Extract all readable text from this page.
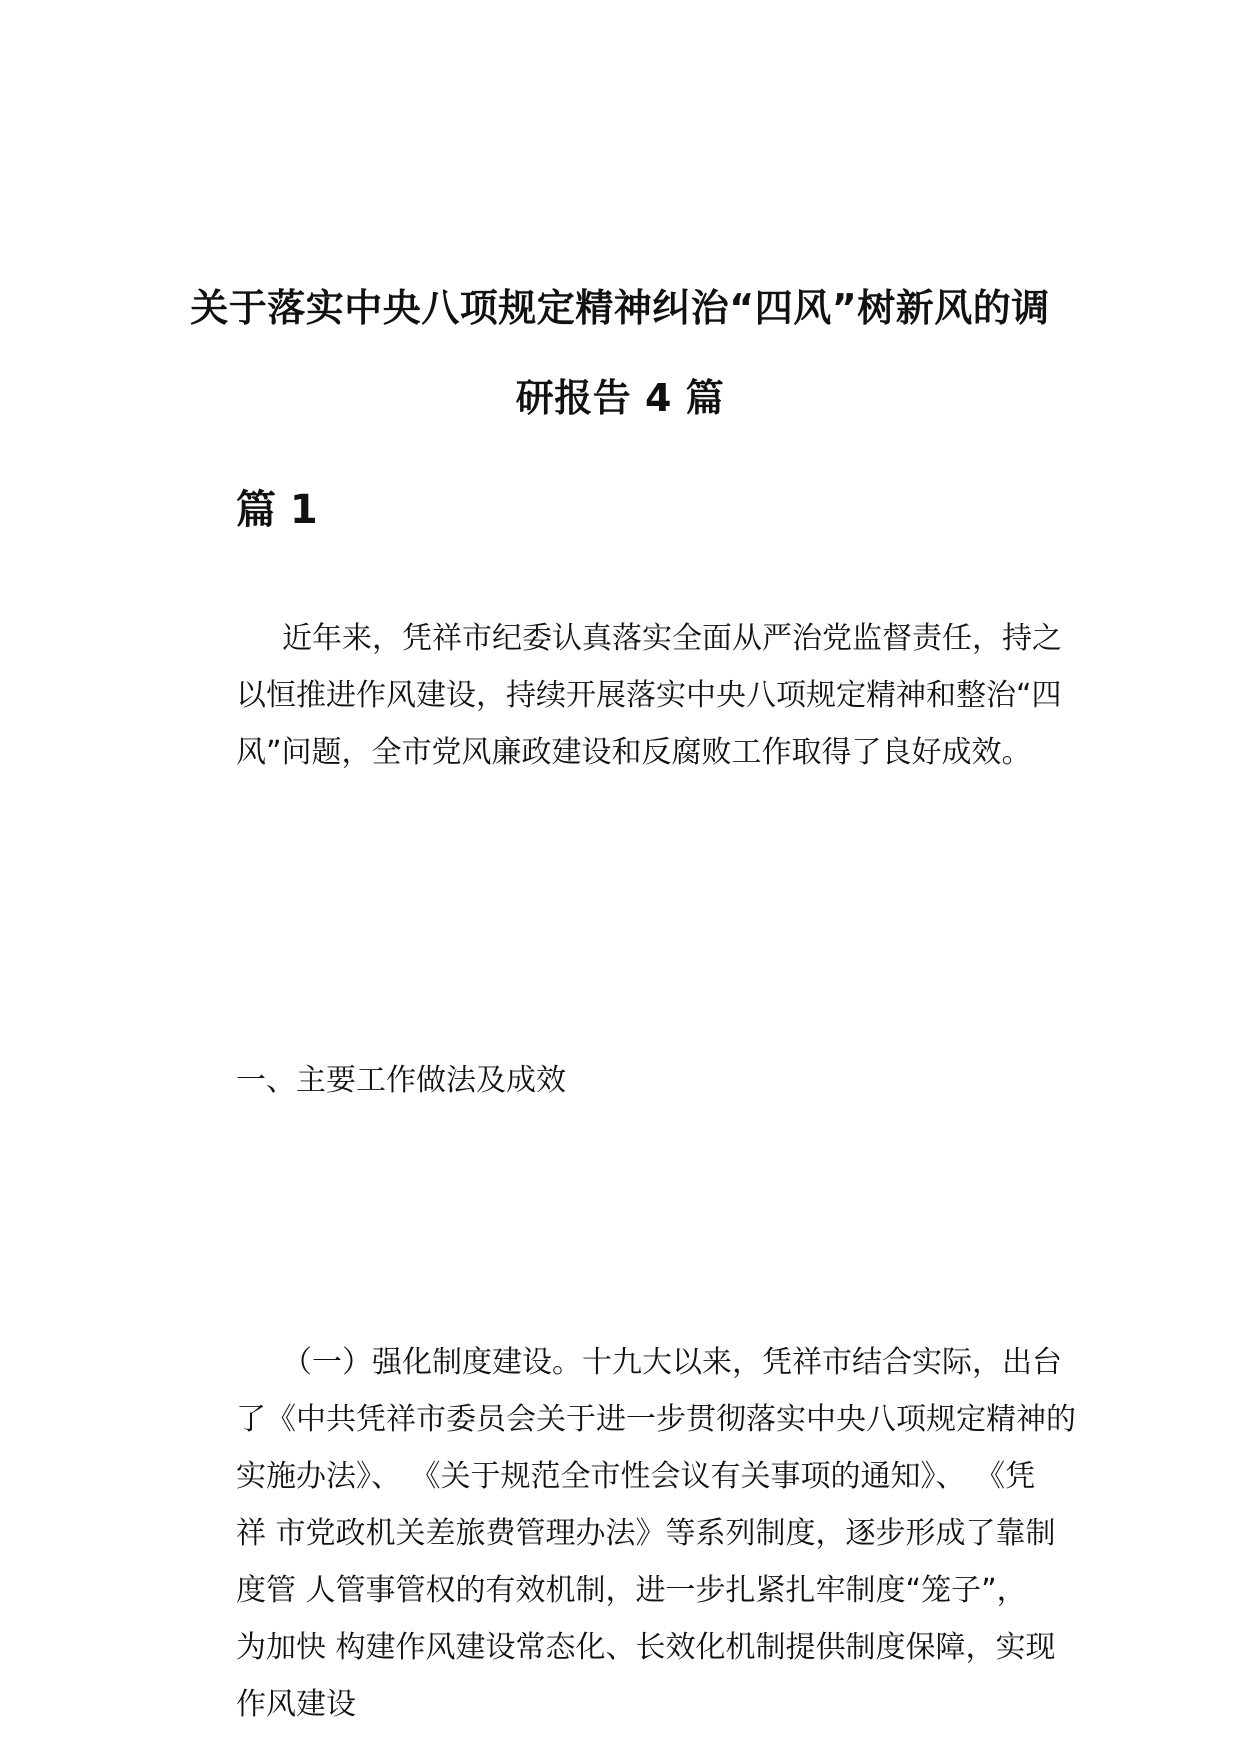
关于落实中央八项规定精神纠治“四风”树新风的调
研报告 4 篇
篇 1
近年来，凭祥市纪委认真落实全面从严治党监督责任，持之
以恒推进作风建设，持续开展落实中央八项规定精神和整治“四
风”问题，全市党风廉政建设和反腐败工作取得了良好成效。
一、主要工作做法及成效
（一）强化制度建设。十九大以来，凭祥市结合实际，出台
了《中共凭祥市委员会关于进一步贯彻落实中央八项规定精神的
实施办法》、 《关于规范全市性会议有关事项的通知》、 《凭
祥 市党政机关差旅费管理办法》等系列制度，逐步形成了靠制
度管 人管事管权的有效机制，进一步扎紧扎牢制度“笼子”，
为加快 构建作风建设常态化、长效化机制提供制度保障，实现
作风建设
